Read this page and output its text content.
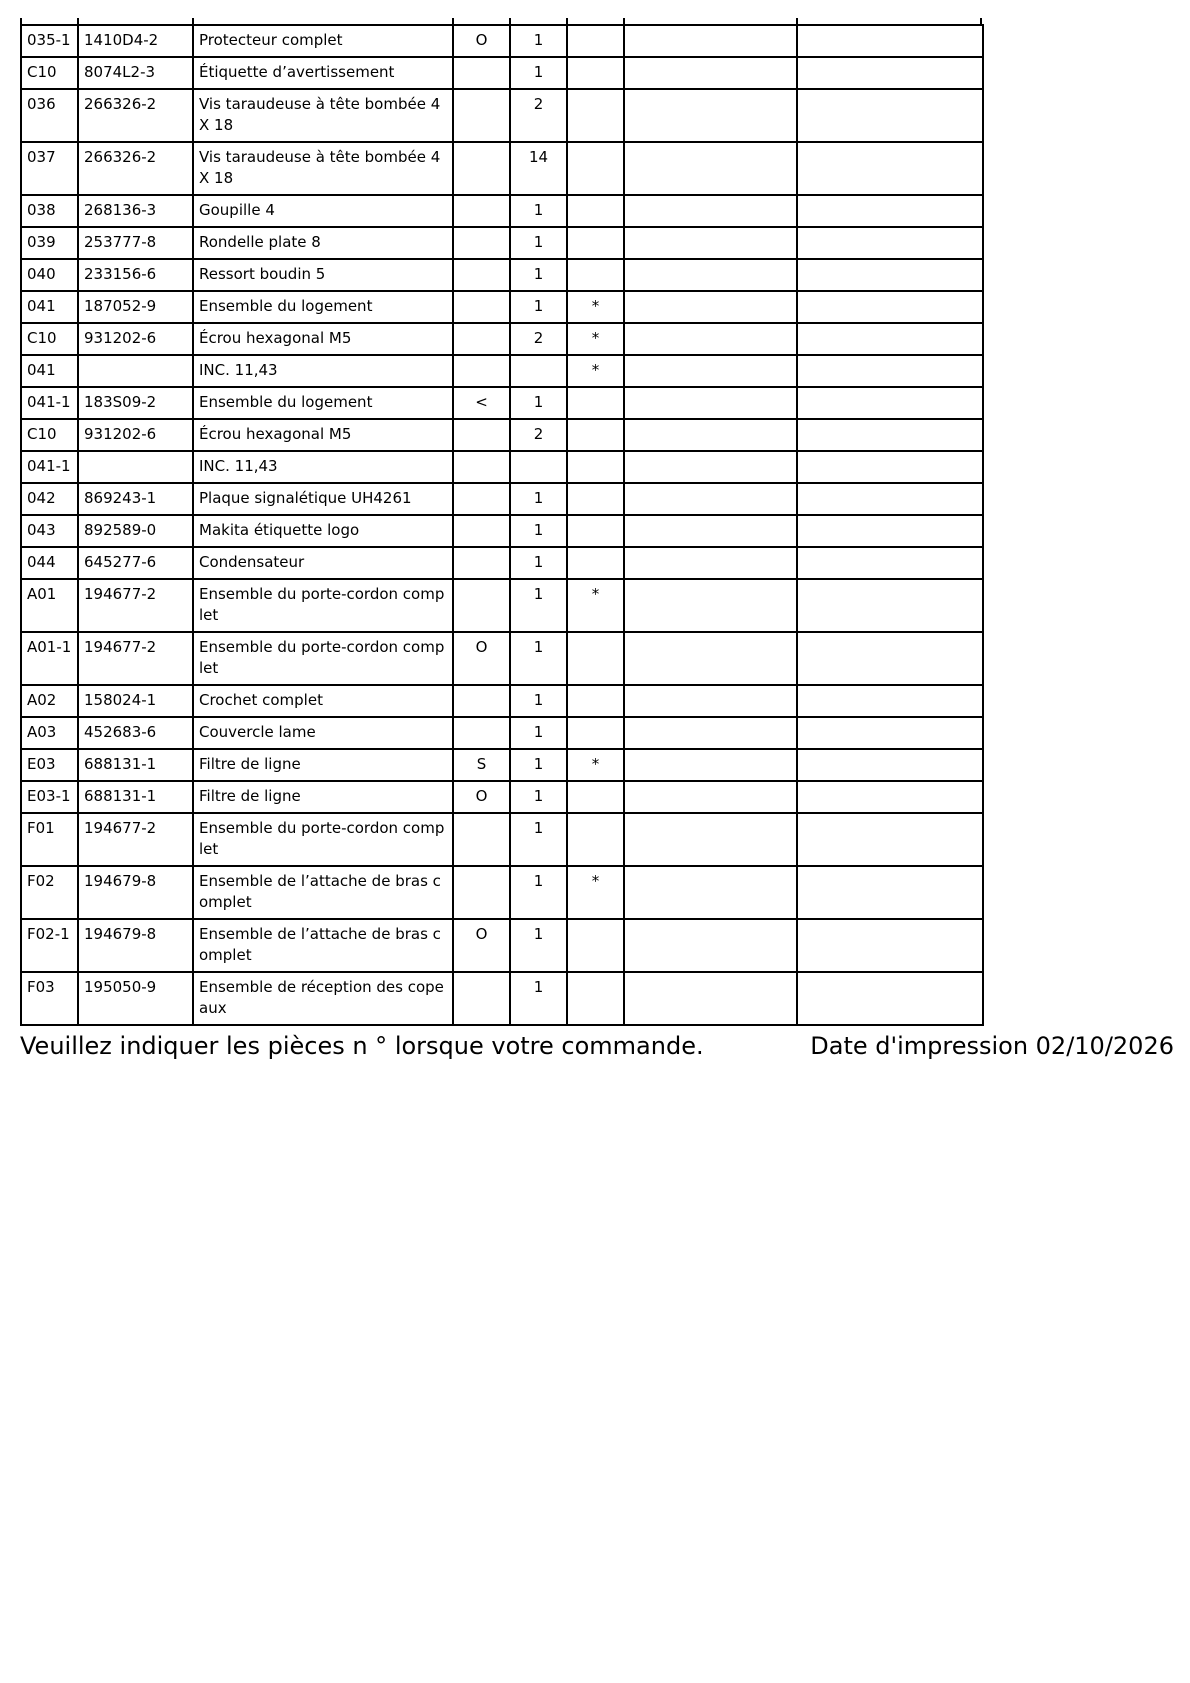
035-1	1410D4-2	Protecteur complet	O	1			
C10	8074L2-3	Étiquette d’avertissement		1			
036	266326-2	Vis taraudeuse à tête bombée 4X 18		2			
037	266326-2	Vis taraudeuse à tête bombée 4X 18		14			
038	268136-3	Goupille 4		1			
039	253777-8	Rondelle plate 8		1			
040	233156-6	Ressort boudin 5		1			
041	187052-9	Ensemble du logement		1	*		
C10	931202-6	Écrou hexagonal M5		2	*		
041		INC. 11,43			*		
041-1	183S09-2	Ensemble du logement	<	1			
C10	931202-6	Écrou hexagonal M5		2			
041-1		INC. 11,43					
042	869243-1	Plaque signalétique UH4261		1			
043	892589-0	Makita étiquette logo		1			
044	645277-6	Condensateur		1			
A01	194677-2	Ensemble du porte-cordon complet		1	*		
A01-1	194677-2	Ensemble du porte-cordon complet	O	1			
A02	158024-1	Crochet complet		1			
A03	452683-6	Couvercle lame		1			
E03	688131-1	Filtre de ligne	S	1	*		
E03-1	688131-1	Filtre de ligne	O	1			
F01	194677-2	Ensemble du porte-cordon complet		1			
F02	194679-8	Ensemble de l’attache de bras complet		1	*		
F02-1	194679-8	Ensemble de l’attache de bras complet	O	1			
F03	195050-9	Ensemble de réception des copeaux		1			
Veuillez indiquer les pièces n ° lorsque votre commande.	Date d'impression 02/10/2026
